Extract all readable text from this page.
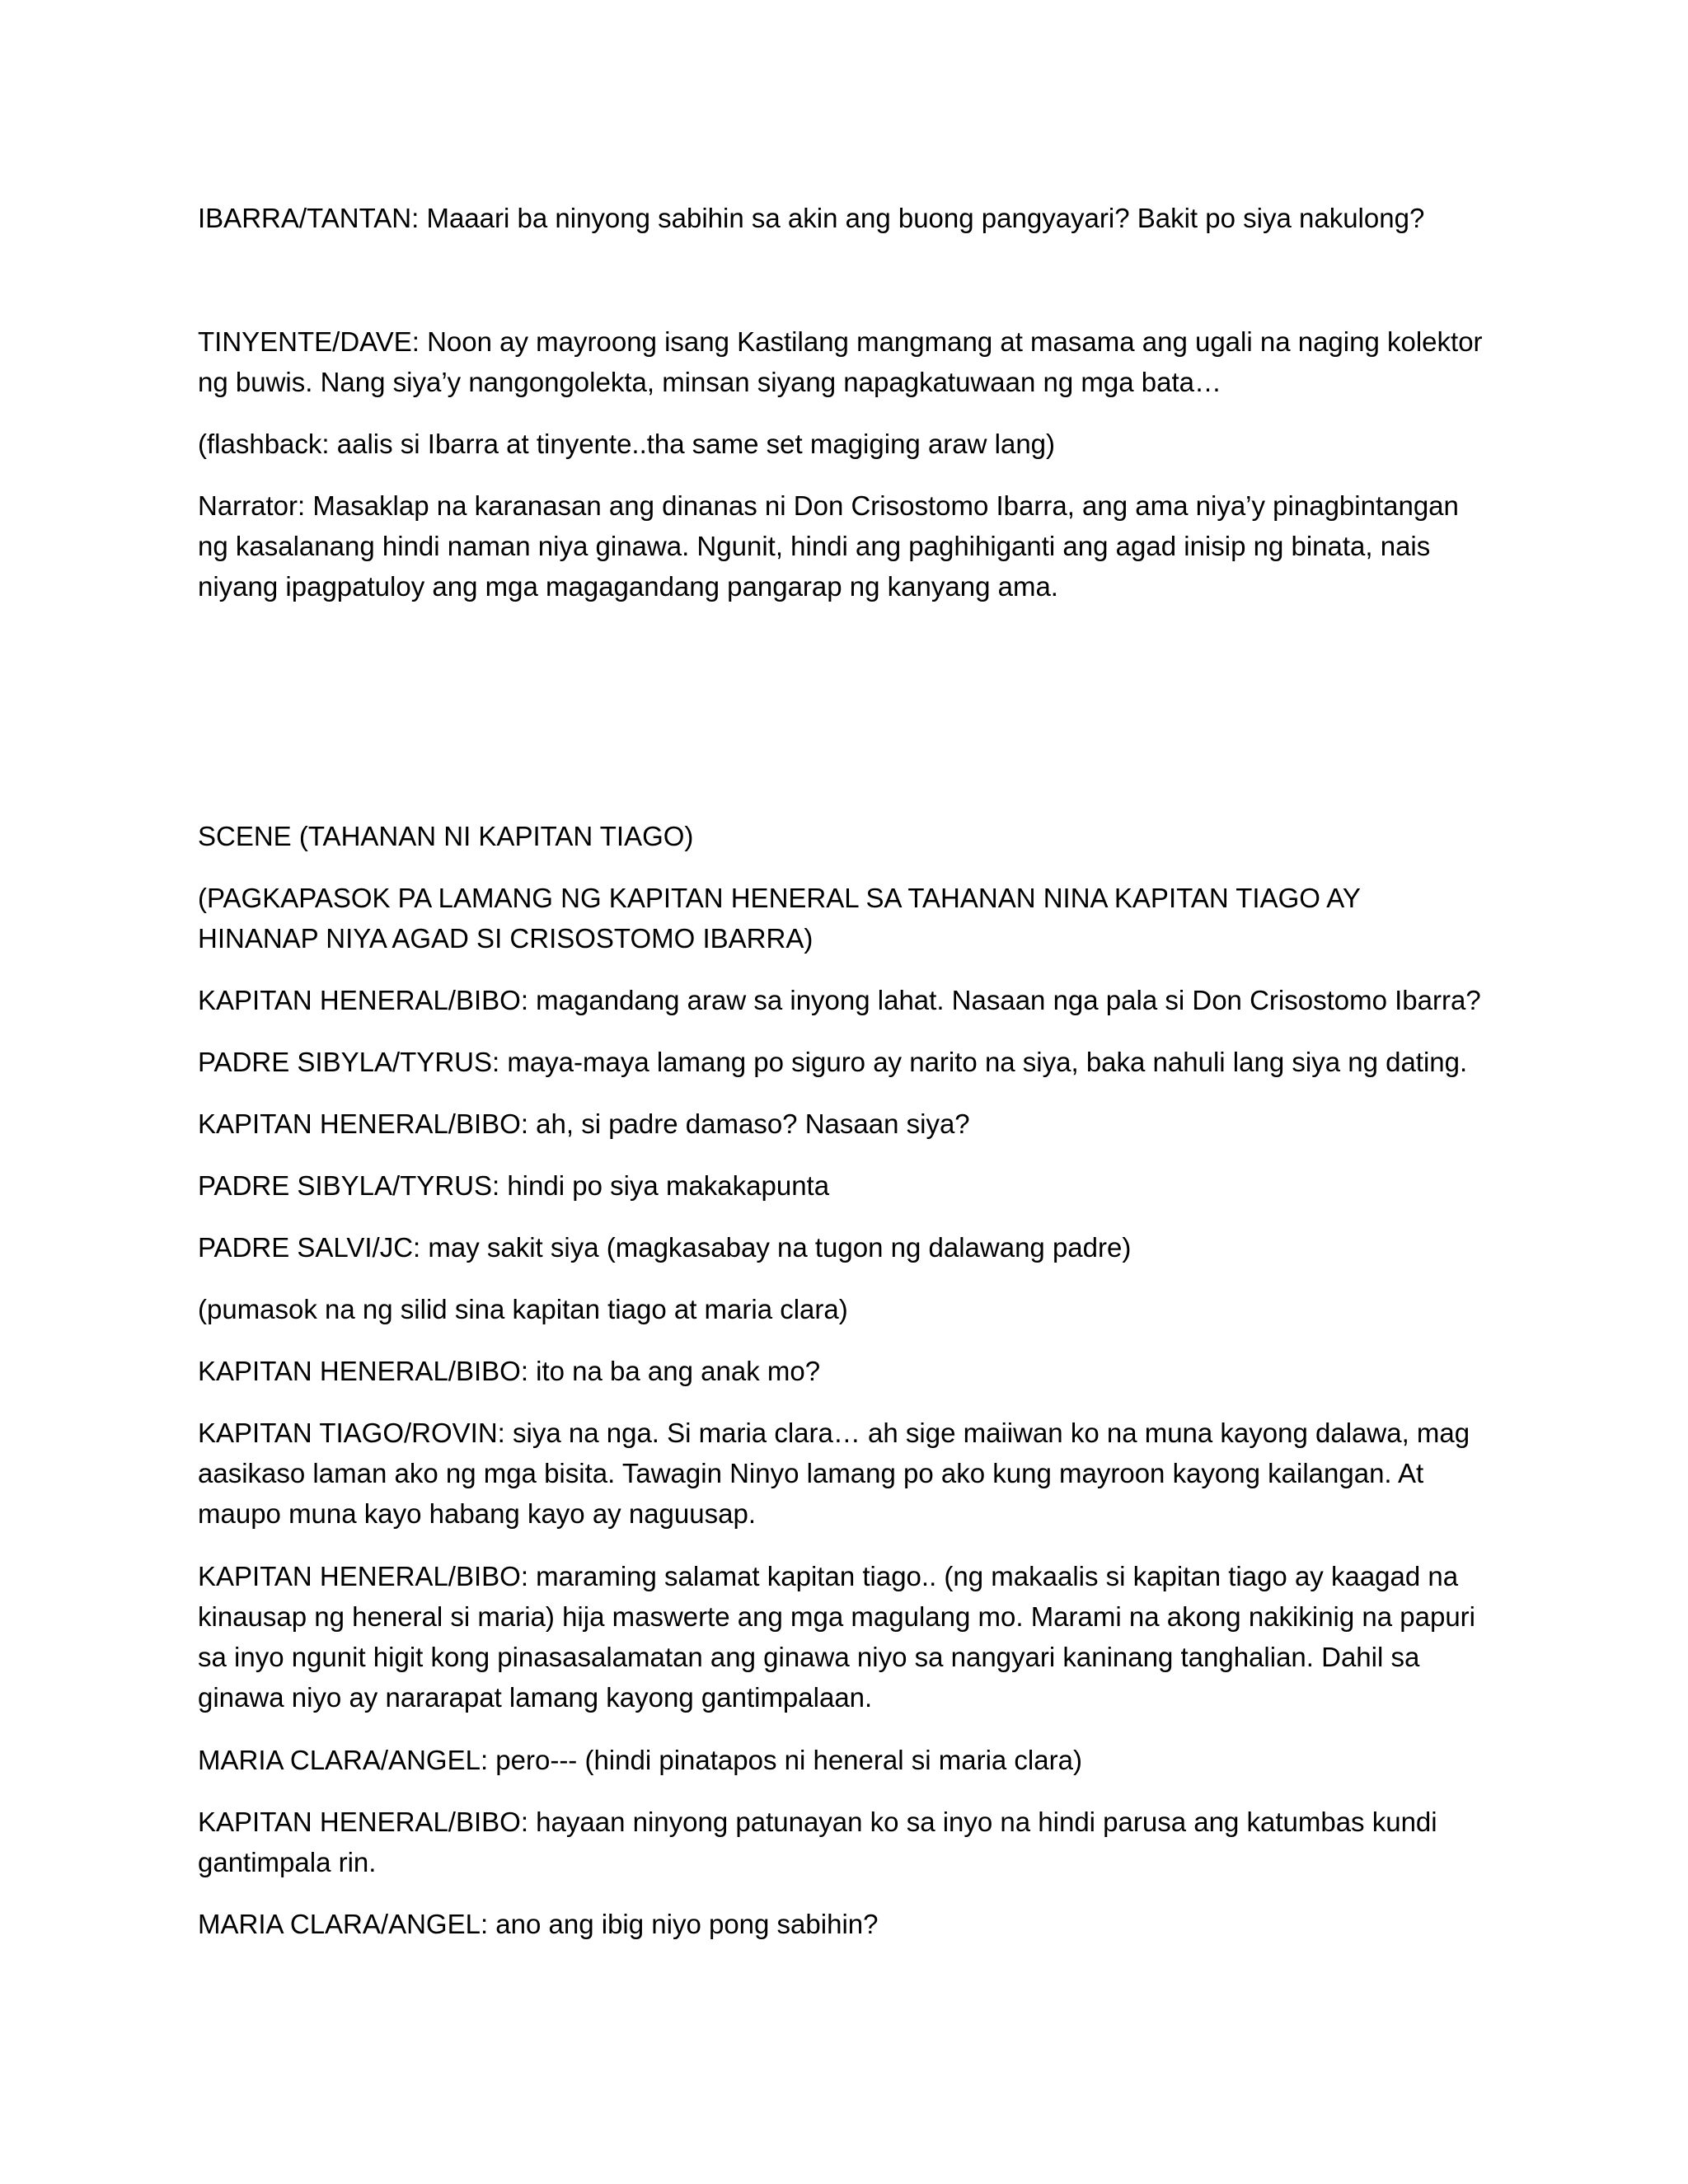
IBARRA/TANTAN: Maaari ba ninyong sabihin sa akin ang buong pangyayari? Bakit po siya nakulong?

TINYENTE/DAVE: Noon ay mayroong isang Kastilang mangmang at masama ang ugali na naging kolektor ng buwis. Nang siya’y nangongolekta, minsan siyang napagkatuwaan ng mga bata…

(flashback: aalis si Ibarra at tinyente..tha same set magiging araw lang)

Narrator: Masaklap na karanasan ang dinanas ni Don Crisostomo Ibarra, ang ama niya’y pinagbintangan ng kasalanang hindi naman niya ginawa. Ngunit, hindi ang paghihiganti ang agad inisip ng binata, nais niyang ipagpatuloy ang mga magagandang pangarap ng kanyang ama.

SCENE (TAHANAN NI KAPITAN TIAGO)

(PAGKAPASOK PA LAMANG NG KAPITAN HENERAL SA TAHANAN NINA KAPITAN TIAGO AY HINANAP NIYA AGAD SI CRISOSTOMO IBARRA)

KAPITAN HENERAL/BIBO: magandang araw sa inyong lahat. Nasaan nga pala si Don Crisostomo Ibarra?

PADRE SIBYLA/TYRUS: maya-maya lamang po siguro ay narito na siya, baka nahuli lang siya ng dating.

KAPITAN HENERAL/BIBO: ah, si padre damaso? Nasaan siya?

PADRE SIBYLA/TYRUS: hindi po siya makakapunta

PADRE SALVI/JC: may sakit siya (magkasabay na tugon ng dalawang padre)

(pumasok na ng silid sina kapitan tiago at maria clara)

KAPITAN HENERAL/BIBO: ito na ba ang anak mo?

KAPITAN TIAGO/ROVIN: siya na nga. Si maria clara… ah sige maiiwan ko na muna kayong dalawa, mag aasikaso laman ako ng mga bisita. Tawagin Ninyo lamang po ako kung mayroon kayong kailangan. At maupo muna kayo habang kayo ay naguusap.

KAPITAN HENERAL/BIBO: maraming salamat kapitan tiago.. (ng makaalis si kapitan tiago ay kaagad na kinausap ng heneral si maria) hija maswerte ang mga magulang mo. Marami na akong nakikinig na papuri sa inyo ngunit higit kong pinasasalamatan ang ginawa niyo sa nangyari kaninang tanghalian. Dahil sa ginawa niyo ay nararapat lamang kayong gantimpalaan.

MARIA CLARA/ANGEL: pero--- (hindi pinatapos ni heneral si maria clara)

KAPITAN HENERAL/BIBO: hayaan ninyong patunayan ko sa inyo na hindi parusa ang katumbas kundi gantimpala rin.

MARIA CLARA/ANGEL: ano ang ibig niyo pong sabihin?
